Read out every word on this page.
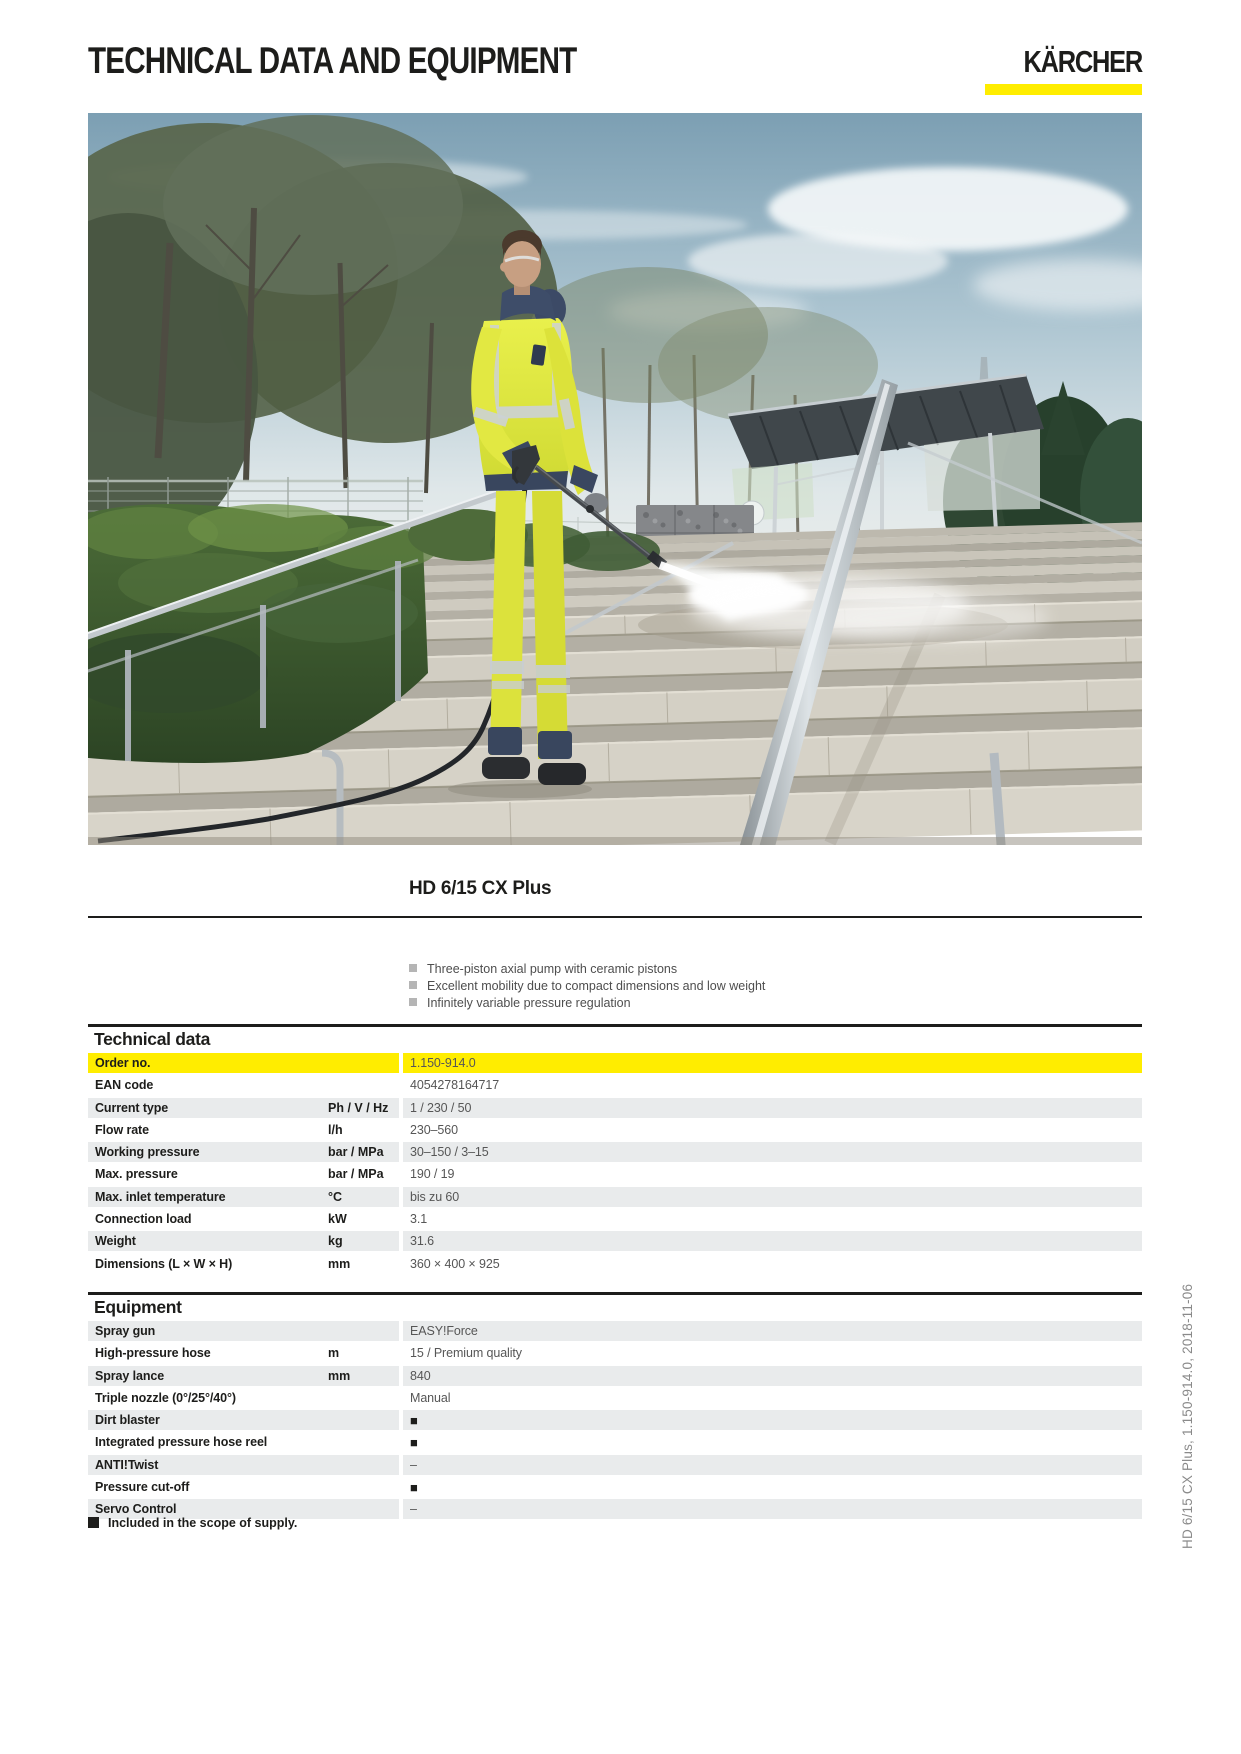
TECHNICAL DATA AND EQUIPMENT	KÄRCHER
HD 6/15 CX Plus
Three-piston axial pump with ceramic pistons
Excellent mobility due to compact dimensions and low weight
Infinitely variable pressure regulation
Technical data
Order no.	1.150-914.0
EAN code	4054278164717
Current type	Ph / V / Hz	1 / 230 / 50
Flow rate	l/h	230–560
Working pressure	bar / MPa	30–150 / 3–15
Max. pressure	bar / MPa	190 / 19
Max. inlet temperature	°C	bis zu 60
Connection load	kW	3.1
Weight	kg	31.6
Dimensions (L × W × H)	mm	360 × 400 × 925
Equipment
Spray gun	EASY!Force
High-pressure hose	m	15 / Premium quality
Spray lance	mm	840
Triple nozzle (0°/25°/40°)	Manual
Dirt blaster	■
Integrated pressure hose reel	■
ANTI!Twist	–
Pressure cut-off	■
Servo Control	–
Included in the scope of supply.	HD 6/15 CX Plus, 1.150-914.0, 2018-11-06
